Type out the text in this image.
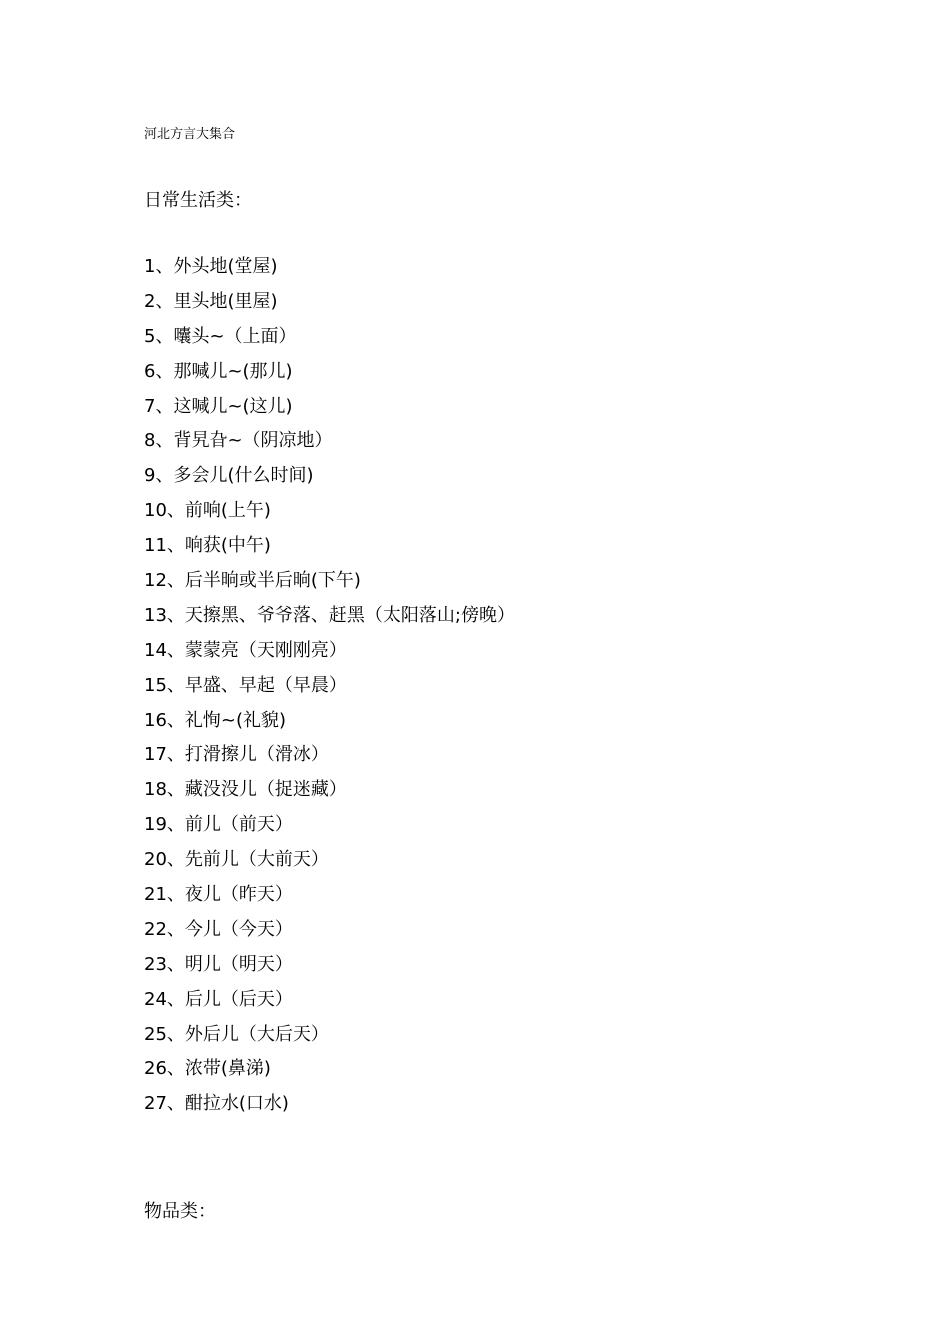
河北方言大集合
日常生活类：
1、外头地(堂屋)
2、里头地(里屋)
5、囔头~（上面）
6、那喊儿~(那儿)
7、这喊儿~(这儿)
8、背旯旮~（阴凉地）
9、多会儿(什么时间)
10、前响(上午)
11、响获(中午)
12、后半晌或半后晌(下午)
13、天擦黑、爷爷落、赶黑（太阳落山;傍晚）
14、蒙蒙亮（天刚刚亮）
15、早盛、早起（早晨）
16、礼恂~(礼貌)
17、打滑擦儿（滑冰）
18、藏没没儿（捉迷藏）
19、前儿（前天）
20、先前儿（大前天）
21、夜儿（昨天）
22、今儿（今天）
23、明儿（明天）
24、后儿（后天）
25、外后儿（大后天）
26、浓带(鼻涕)
27、酣拉水(口水)
物品类：
